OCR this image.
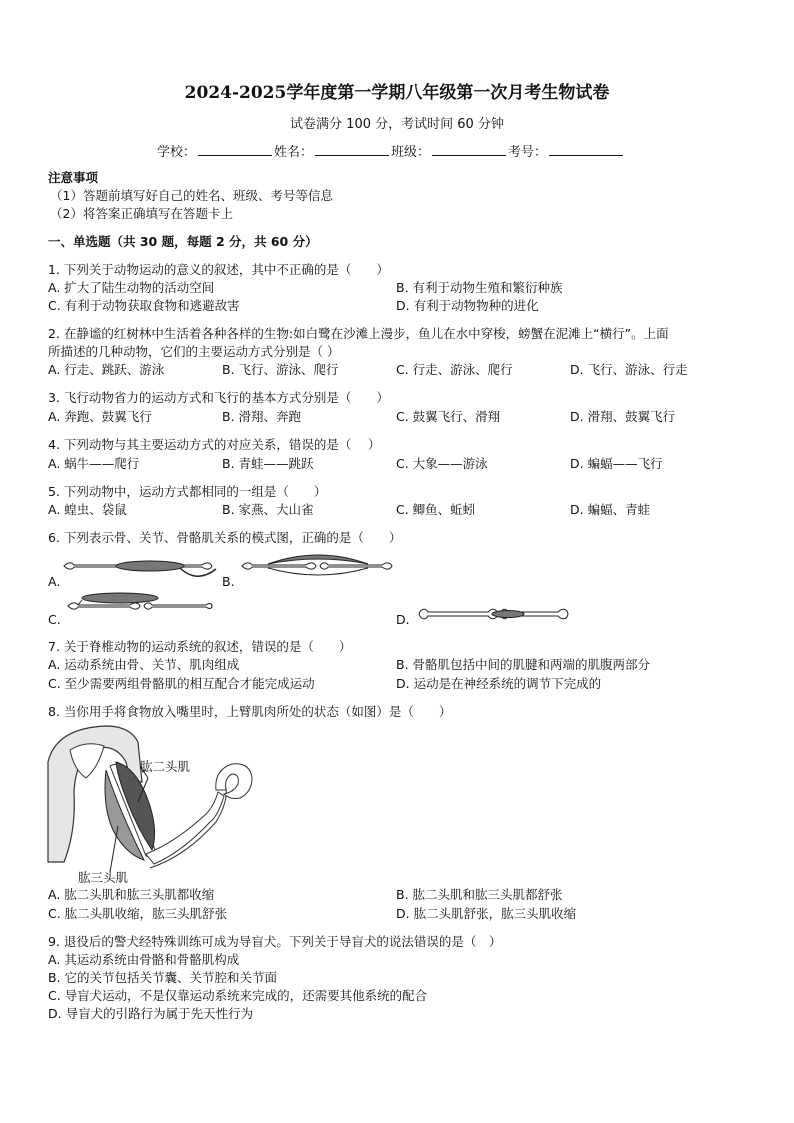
2024-2025学年度第一学期八年级第一次月考生物试卷
试卷满分 100 分，考试时间 60 分钟
学校：	姓名：	班级：	考号：
注意事项
（1）答题前填写好自己的姓名、班级、考号等信息
（2）将答案正确填写在答题卡上
一、单选题（共 30 题，每题 2 分，共 60 分）
1. 下列关于动物运动的意义的叙述，其中不正确的是（　　）
A. 扩大了陆生动物的活动空间	B. 有利于动物生殖和繁衍种族
C. 有利于动物获取食物和逃避敌害	D. 有利于动物物种的进化
2. 在静谧的红树林中生活着各种各样的生物:如白鹭在沙滩上漫步，鱼儿在水中穿梭，螃蟹在泥滩上“横行”。上面
所描述的几种动物，它们的主要运动方式分别是（ ）
A. 行走、跳跃、游泳	B. 飞行、游泳、爬行	C. 行走、游泳、爬行	D. 飞行、游泳、行走
3. 飞行动物省力的运动方式和飞行的基本方式分别是（　　）
A. 奔跑、鼓翼飞行	B. 滑翔、奔跑	C. 鼓翼飞行、滑翔	D. 滑翔、鼓翼飞行
4. 下列动物与其主要运动方式的对应关系，错误的是（　 ）
A. 蜗牛——爬行	B. 青蛙——跳跃	C. 大象——游泳	D. 蝙蝠——飞行
5. 下列动物中，运动方式都相同的一组是（　　）
A. 蝗虫、袋鼠	B. 家燕、大山雀	C. 鲫鱼、蚯蚓	D. 蝙蝠、青蛙
6. 下列表示骨、关节、骨骼肌关系的模式图，正确的是（　　）
A.	B.
C.	D.
7. 关于脊椎动物的运动系统的叙述，错误的是（　　）
A. 运动系统由骨、关节、肌肉组成	B. 骨骼肌包括中间的肌腱和两端的肌腹两部分
C. 至少需要两组骨骼肌的相互配合才能完成运动	D. 运动是在神经系统的调节下完成的
8. 当你用手将食物放入嘴里时，上臂肌肉所处的状态（如图）是（　　）
肱二头肌
肱三头肌
A. 肱二头肌和肱三头肌都收缩	B. 肱二头肌和肱三头肌都舒张
C. 肱二头肌收缩，肱三头肌舒张	D. 肱二头肌舒张，肱三头肌收缩
9. 退役后的警犬经特殊训练可成为导盲犬。下列关于导盲犬的说法错误的是（　）
A. 其运动系统由骨骼和骨骼肌构成
B. 它的关节包括关节囊、关节腔和关节面
C. 导盲犬运动，不是仅靠运动系统来完成的，还需要其他系统的配合
D. 导盲犬的引路行为属于先天性行为
